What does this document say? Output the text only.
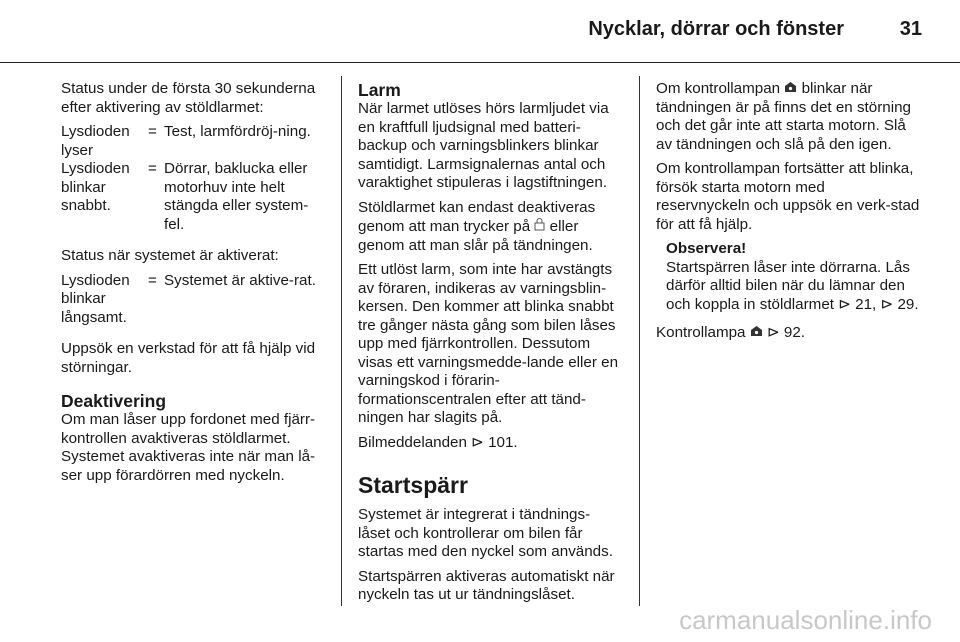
Nycklar, dörrar och fönster	31

Status under de första 30 sekunderna efter aktivering av stöldlarmet:

Lysdioden lyser
= Test, larmfördröj-ning.
Lysdioden blinkar snabbt.
= Dörrar, baklucka eller motorhuv inte helt stängda eller system-fel.

Status när systemet är aktiverat:

Lysdioden blinkar långsamt.
= Systemet är aktive-rat.

Uppsök en verkstad för att få hjälp vid störningar.

Deaktivering

Om man låser upp fordonet med fjärr-kontrollen avaktiveras stöldlarmet. Systemet avaktiveras inte när man lå-ser upp förardörren med nyckeln.

Larm

När larmet utlöses hörs larmljudet via en kraftfull ljudsignal med batteri-backup och varningsblinkers blinkar samtidigt. Larmsignalernas antal och varaktighet stipuleras i lagstiftningen.

Stöldlarmet kan endast deaktiveras genom att man trycker på eller genom att man slår på tändningen.

Ett utlöst larm, som inte har avstängts av föraren, indikeras av varningsblin-kersen. Den kommer att blinka snabbt tre gånger nästa gång som bilen låses upp med fjärrkontrollen. Dessutom visas ett varningsmedde-lande eller en varningskod i förarin-formationscentralen efter att tänd-ningen har slagits på.

Bilmeddelanden ⊳ 101.

Startspärr

Systemet är integrerat i tändnings-låset och kontrollerar om bilen får startas med den nyckel som används.

Startspärren aktiveras automatiskt när nyckeln tas ut ur tändningslåset.

Om kontrollampan blinkar när tändningen är på finns det en störning och det går inte att starta motorn. Slå av tändningen och slå på den igen.

Om kontrollampan fortsätter att blinka, försök starta motorn med reservnyckeln och uppsök en verk-stad för att få hjälp.

Observera!

Startspärren låser inte dörrarna. Lås därför alltid bilen när du lämnar den och koppla in stöldlarmet ⊳ 21, ⊳ 29.

Kontrollampa ⊳ 92.

carmanualsonline.info
